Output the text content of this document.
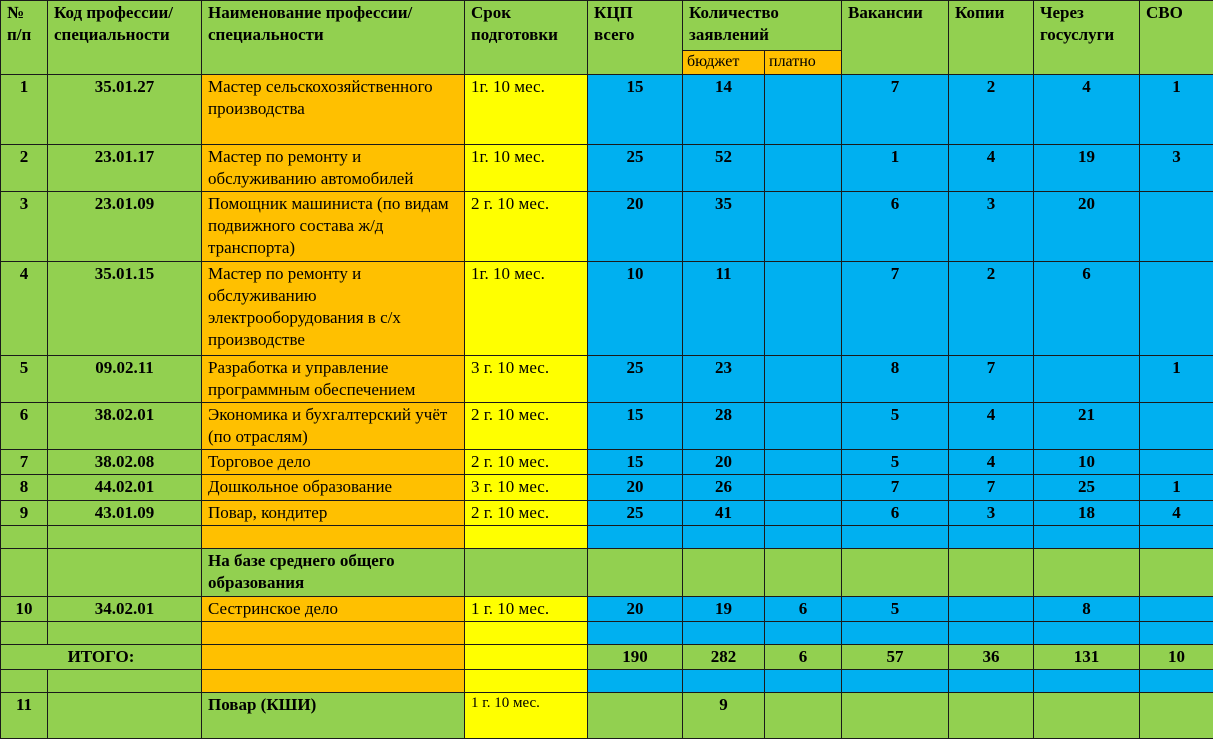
№ п/п	Код профессии/ специальности	Наименование профессии/специальности	Срок подготовки	КЦП всего	Количество заявлений		Вакансии	Копии	Через госуслуги	СВО
					бюджет	платно				
1	35.01.27	Мастер сельскохозяйственного производства	1г. 10 мес.	15	14		7	2	4	1
2	23.01.17	Мастер по ремонту и обслуживанию автомобилей	1г. 10 мес.	25	52		1	4	19	3
3	23.01.09	Помощник машиниста (по видам подвижного состава ж/д транспорта)	2 г. 10 мес.	20	35		6	3	20	
4	35.01.15	Мастер по ремонту и обслуживанию электрооборудования в с/х производстве	1г. 10 мес.	10	11		7	2	6	
5	09.02.11	Разработка и управление программным обеспечением	3 г. 10 мес.	25	23		8	7		1
6	38.02.01	Экономика и бухгалтерский учёт (по отраслям)	2 г. 10 мес.	15	28		5	4	21	
7	38.02.08	Торговое дело	2 г. 10 мес.	15	20		5	4	10	
8	44.02.01	Дошкольное образование	3 г. 10 мес.	20	26		7	7	25	1
9	43.01.09	Повар, кондитер	2 г. 10 мес.	25	41		6	3	18	4

		На базе среднего общего образования								
10	34.02.01	Сестринское дело	1 г. 10 мес.	20	19	6	5		8	

ИТОГО:				190	282	6	57	36	131	10

11		Повар (КШИ)	1 г. 10 мес.		9					
